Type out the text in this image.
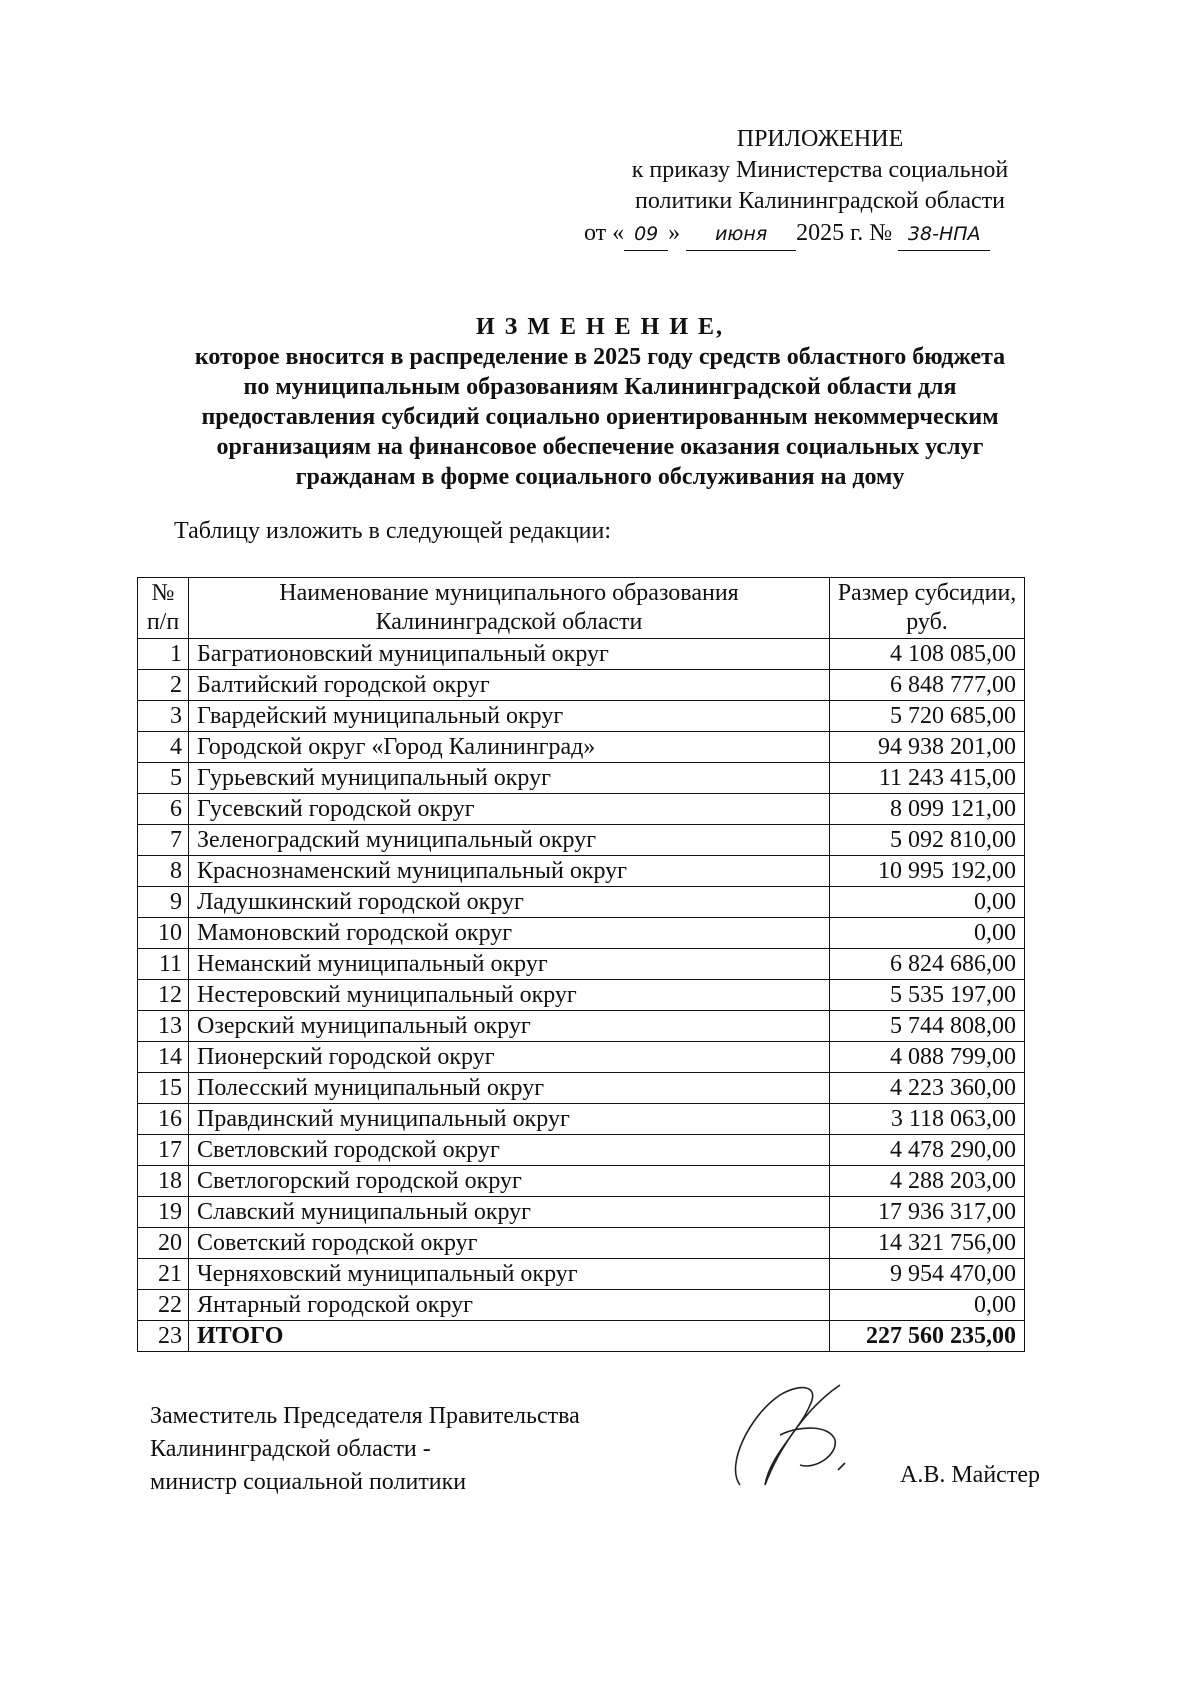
ПРИЛОЖЕНИЕ
к приказу Министерства социальной
политики Калининградской области
от « 09 » июня 2025 г. № 38-НПА
И З М Е Н Е Н И Е,
которое вносится в распределение в 2025 году средств областного бюджета
по муниципальным образованиям Калининградской области для
предоставления субсидий социально ориентированным некоммерческим
организациям на финансовое обеспечение оказания социальных услуг
гражданам в форме социального обслуживания на дому
Таблицу изложить в следующей редакции:
№ п/п	Наименование муниципального образования Калининградской области	Размер субсидии, руб.
1	Багратионовский муниципальный округ	4 108 085,00
2	Балтийский городской округ	6 848 777,00
3	Гвардейский муниципальный округ	5 720 685,00
4	Городской округ «Город Калининград»	94 938 201,00
5	Гурьевский муниципальный округ	11 243 415,00
6	Гусевский городской округ	8 099 121,00
7	Зеленоградский муниципальный округ	5 092 810,00
8	Краснознаменский муниципальный округ	10 995 192,00
9	Ладушкинский городской округ	0,00
10	Мамоновский городской округ	0,00
11	Неманский муниципальный округ	6 824 686,00
12	Нестеровский муниципальный округ	5 535 197,00
13	Озерский муниципальный округ	5 744 808,00
14	Пионерский городской округ	4 088 799,00
15	Полесский муниципальный округ	4 223 360,00
16	Правдинский муниципальный округ	3 118 063,00
17	Светловский городской округ	4 478 290,00
18	Светлогорский городской округ	4 288 203,00
19	Славский муниципальный округ	17 936 317,00
20	Советский городской округ	14 321 756,00
21	Черняховский муниципальный округ	9 954 470,00
22	Янтарный городской округ	0,00
23	ИТОГО	227 560 235,00
Заместитель Председателя Правительства
Калининградской области -
министр социальной политики	А.В. Майстер
